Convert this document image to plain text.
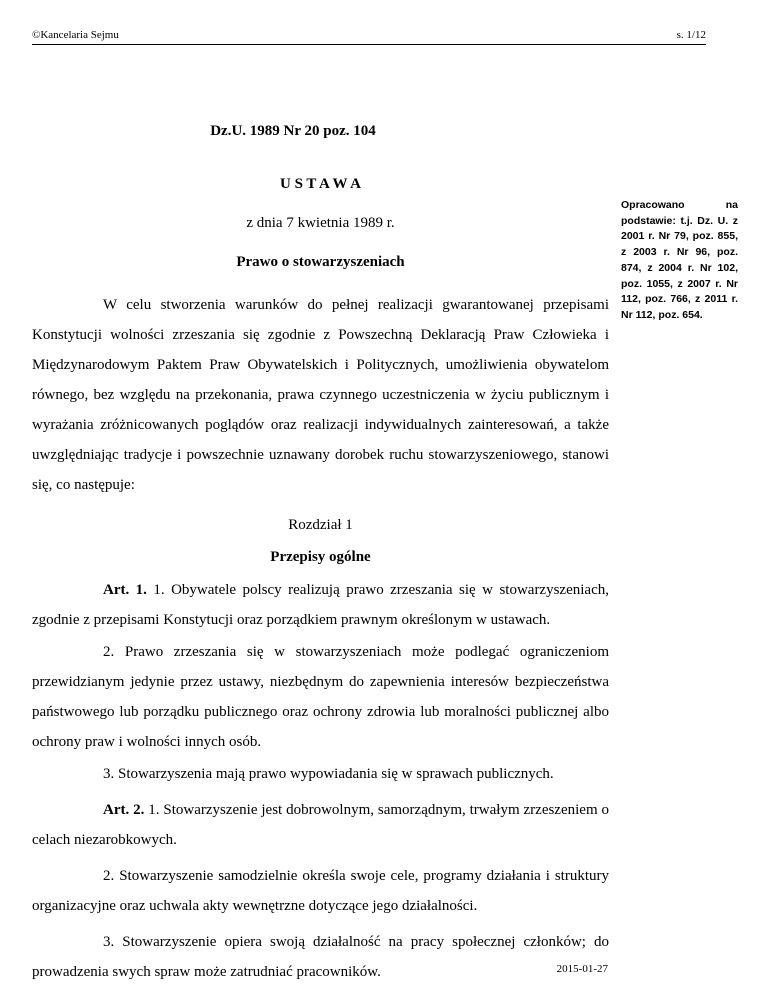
©Kancelaria Sejmu	s. 1/12
Dz.U. 1989 Nr 20 poz. 104
U S T A W A
z dnia 7 kwietnia 1989 r.
Prawo o stowarzyszeniach
W celu stworzenia warunków do pełnej realizacji gwarantowanej przepisami Konstytucji wolności zrzeszania się zgodnie z Powszechną Deklaracją Praw Człowieka i Międzynarodowym Paktem Praw Obywatelskich i Politycznych, umożliwienia obywatelom równego, bez względu na przekonania, prawa czynnego uczestniczenia w życiu publicznym i wyrażania zróżnicowanych poglądów oraz realizacji indywidualnych zainteresowań, a także uwzględniając tradycje i powszechnie uznawany dorobek ruchu stowarzyszeniowego, stanowi się, co następuje:
Rozdział 1
Przepisy ogólne
Art. 1. 1. Obywatele polscy realizują prawo zrzeszania się w stowarzyszeniach, zgodnie z przepisami Konstytucji oraz porządkiem prawnym określonym w ustawach.
2. Prawo zrzeszania się w stowarzyszeniach może podlegać ograniczeniom przewidzianym jedynie przez ustawy, niezbędnym do zapewnienia interesów bezpieczeństwa państwowego lub porządku publicznego oraz ochrony zdrowia lub moralności publicznej albo ochrony praw i wolności innych osób.
3. Stowarzyszenia mają prawo wypowiadania się w sprawach publicznych.
Art. 2. 1. Stowarzyszenie jest dobrowolnym, samorządnym, trwałym zrzeszeniem o celach niezarobkowych.
2. Stowarzyszenie samodzielnie określa swoje cele, programy działania i struktury organizacyjne oraz uchwala akty wewnętrzne dotyczące jego działalności.
3. Stowarzyszenie opiera swoją działalność na pracy społecznej członków; do prowadzenia swych spraw może zatrudniać pracowników.
Opracowano na podstawie: t.j. Dz. U. z 2001 r. Nr 79, poz. 855, z 2003 r. Nr 96, poz. 874, z 2004 r. Nr 102, poz. 1055, z 2007 r. Nr 112, poz. 766, z 2011 r. Nr 112, poz. 654.
2015-01-27
